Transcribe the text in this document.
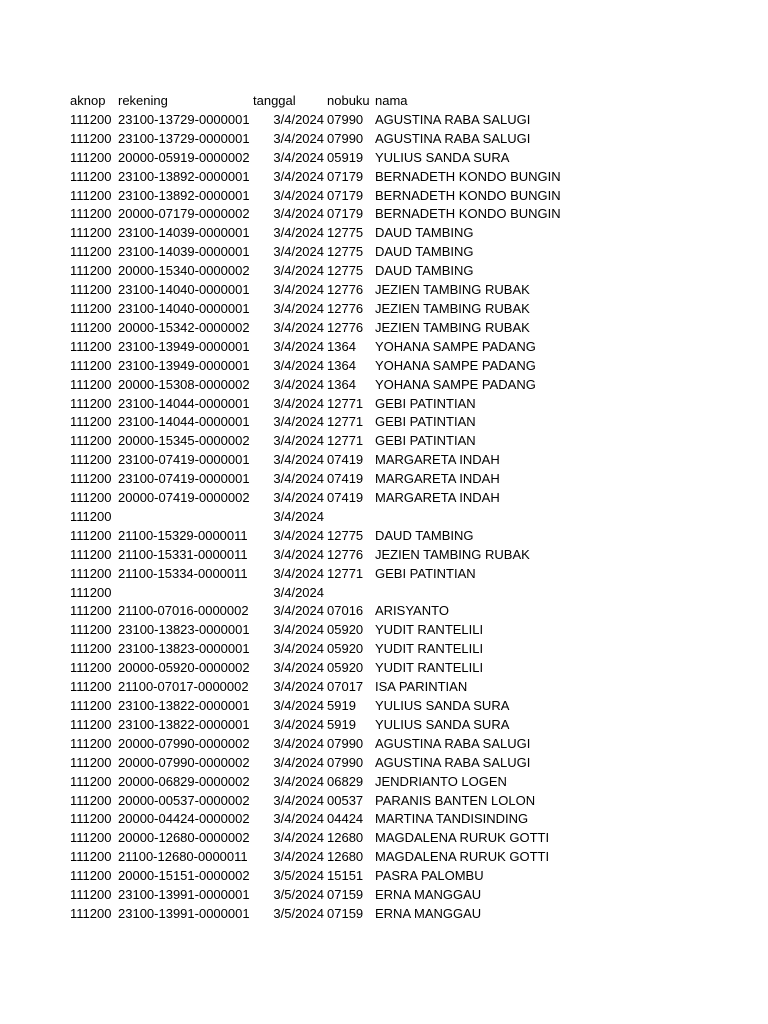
aknop	rekening	tanggal	nobuku	nama
111200	23100-13729-0000001	3/4/2024	07990	AGUSTINA RABA SALUGI
111200	23100-13729-0000001	3/4/2024	07990	AGUSTINA RABA SALUGI
111200	20000-05919-0000002	3/4/2024	05919	YULIUS SANDA SURA
111200	23100-13892-0000001	3/4/2024	07179	BERNADETH KONDO BUNGIN
111200	23100-13892-0000001	3/4/2024	07179	BERNADETH KONDO BUNGIN
111200	20000-07179-0000002	3/4/2024	07179	BERNADETH KONDO BUNGIN
111200	23100-14039-0000001	3/4/2024	12775	DAUD TAMBING
111200	23100-14039-0000001	3/4/2024	12775	DAUD TAMBING
111200	20000-15340-0000002	3/4/2024	12775	DAUD TAMBING
111200	23100-14040-0000001	3/4/2024	12776	JEZIEN TAMBING RUBAK
111200	23100-14040-0000001	3/4/2024	12776	JEZIEN TAMBING RUBAK
111200	20000-15342-0000002	3/4/2024	12776	JEZIEN TAMBING RUBAK
111200	23100-13949-0000001	3/4/2024	1364	YOHANA SAMPE PADANG
111200	23100-13949-0000001	3/4/2024	1364	YOHANA SAMPE PADANG
111200	20000-15308-0000002	3/4/2024	1364	YOHANA SAMPE PADANG
111200	23100-14044-0000001	3/4/2024	12771	GEBI PATINTIAN
111200	23100-14044-0000001	3/4/2024	12771	GEBI PATINTIAN
111200	20000-15345-0000002	3/4/2024	12771	GEBI PATINTIAN
111200	23100-07419-0000001	3/4/2024	07419	MARGARETA INDAH
111200	23100-07419-0000001	3/4/2024	07419	MARGARETA INDAH
111200	20000-07419-0000002	3/4/2024	07419	MARGARETA INDAH
111200		3/4/2024		
111200	21100-15329-0000011	3/4/2024	12775	DAUD TAMBING
111200	21100-15331-0000011	3/4/2024	12776	JEZIEN TAMBING RUBAK
111200	21100-15334-0000011	3/4/2024	12771	GEBI PATINTIAN
111200		3/4/2024		
111200	21100-07016-0000002	3/4/2024	07016	ARISYANTO
111200	23100-13823-0000001	3/4/2024	05920	YUDIT RANTELILI
111200	23100-13823-0000001	3/4/2024	05920	YUDIT RANTELILI
111200	20000-05920-0000002	3/4/2024	05920	YUDIT RANTELILI
111200	21100-07017-0000002	3/4/2024	07017	ISA PARINTIAN
111200	23100-13822-0000001	3/4/2024	5919	YULIUS SANDA SURA
111200	23100-13822-0000001	3/4/2024	5919	YULIUS SANDA SURA
111200	20000-07990-0000002	3/4/2024	07990	AGUSTINA RABA SALUGI
111200	20000-07990-0000002	3/4/2024	07990	AGUSTINA RABA SALUGI
111200	20000-06829-0000002	3/4/2024	06829	JENDRIANTO LOGEN
111200	20000-00537-0000002	3/4/2024	00537	PARANIS BANTEN LOLON
111200	20000-04424-0000002	3/4/2024	04424	MARTINA TANDISINDING
111200	20000-12680-0000002	3/4/2024	12680	MAGDALENA RURUK GOTTI
111200	21100-12680-0000011	3/4/2024	12680	MAGDALENA RURUK GOTTI
111200	20000-15151-0000002	3/5/2024	15151	PASRA PALOMBU
111200	23100-13991-0000001	3/5/2024	07159	ERNA MANGGAU
111200	23100-13991-0000001	3/5/2024	07159	ERNA MANGGAU
